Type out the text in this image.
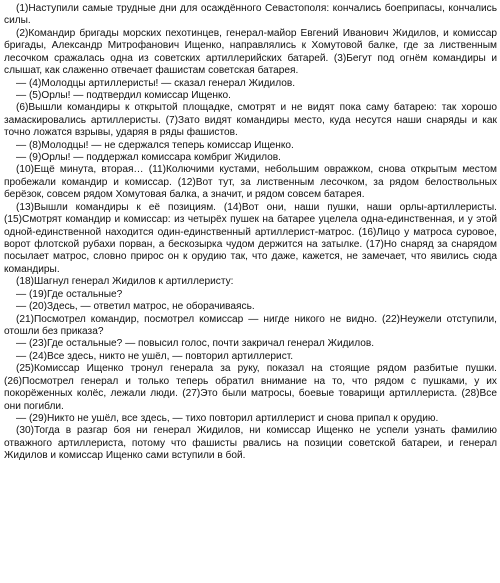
(1)Наступили самые трудные дни для осаждённого Севастополя: кончались боеприпасы, кончались силы.

(2)Командир бригады морских пехотинцев, генерал-майор Евгений Иванович Жидилов, и комиссар бригады, Александр Митрофанович Ищенко, направлялись к Хомутовой балке, где за лиственным лесочком сражалась одна из советских артиллерийских батарей. (3)Бегут под огнём командиры и слышат, как слаженно отвечает фашистам советская батарея.

— (4)Молодцы артиллеристы! — сказал генерал Жидилов.

— (5)Орлы! — подтвердил комиссар Ищенко.

(6)Вышли командиры к открытой площадке, смотрят и не видят пока саму батарею: так хорошо замаскировались артиллеристы. (7)Зато видят командиры место, куда несутся наши снаряды и как точно ложатся взрывы, ударяя в ряды фашистов.

— (8)Молодцы! — не сдержался теперь комиссар Ищенко.

— (9)Орлы! — поддержал комиссара комбриг Жидилов.

(10)Ещё минута, вторая… (11)Колючими кустами, небольшим овражком, снова открытым местом пробежали командир и комиссар. (12)Вот тут, за лиственным лесочком, за рядом белоствольных берёзок, совсем рядом Хомутовая балка, а значит, и рядом совсем батарея.

(13)Вышли командиры к её позициям. (14)Вот они, наши пушки, наши орлы-артиллеристы. (15)Смотрят командир и комиссар: из четырёх пушек на батарее уцелела одна-единственная, и у этой одной-единственной находится один-единственный артиллерист-матрос. (16)Лицо у матроса суровое, ворот флотской рубахи порван, а бескозырка чудом держится на затылке. (17)Но снаряд за снарядом посылает матрос, словно прирос он к орудию так, что даже, кажется, не замечает, что явились сюда командиры.

(18)Шагнул генерал Жидилов к артиллеристу:

— (19)Где остальные?

— (20)Здесь, — ответил матрос, не оборачиваясь.

(21)Посмотрел командир, посмотрел комиссар — нигде никого не видно. (22)Неужели отступили, отошли без приказа?

— (23)Где остальные? — повысил голос, почти закричал генерал Жидилов.

— (24)Все здесь, никто не ушёл, — повторил артиллерист.

(25)Комиссар Ищенко тронул генерала за руку, показал на стоящие рядом разбитые пушки. (26)Посмотрел генерал и только теперь обратил внимание на то, что рядом с пушками, у их покорёженных колёс, лежали люди. (27)Это были матросы, боевые товарищи артиллериста. (28)Все они погибли.

— (29)Никто не ушёл, все здесь, — тихо повторил артиллерист и снова припал к орудию.

(30)Тогда в разгар боя ни генерал Жидилов, ни комиссар Ищенко не успели узнать фамилию отважного артиллериста, потому что фашисты рвались на позиции советской батареи, и генерал Жидилов и комиссар Ищенко сами вступили в бой.
